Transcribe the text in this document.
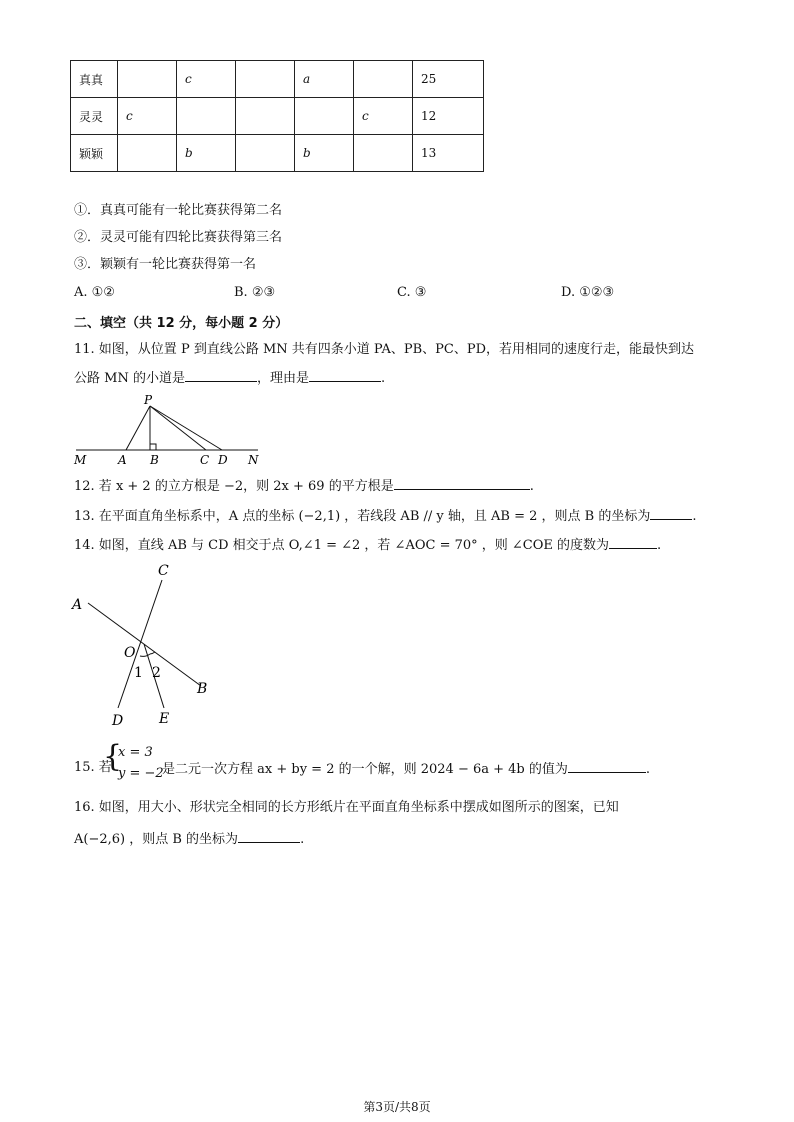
真真		c		a		25
灵灵	c				c	12
颖颖		b		b		13
①．真真可能有一轮比赛获得第二名
②．灵灵可能有四轮比赛获得第三名
③．颖颖有一轮比赛获得第一名
A. ①②	B. ②③	C. ③	D. ①②③
二、填空（共 12 分，每小题 2 分）
11. 如图，从位置 P 到直线公路 MN 共有四条小道 PA、PB、PC、PD，若用相同的速度行走，能最快到达
公路 MN 的小道是	，理由是	.
P
M	A B	C D N
12. 若 x + 2 的立方根是 −2，则 2x + 69 的平方根是	.
13. 在平面直角坐标系中，A 点的坐标 (−2,1) ，若线段 AB // y 轴，且 AB = 2 ，则点 B 的坐标为	.
14. 如图，直线 AB 与 CD 相交于点 O,∠1 = ∠2 ，若 ∠AOC = 70° ，则 ∠COE 的度数为	.
C
A
O
1 2
B
D	E
15. 若
{
x = 3
y = −2
是二元一次方程 ax + by = 2 的一个解，则 2024 − 6a + 4b 的值为	.
16. 如图，用大小、形状完全相同的长方形纸片在平面直角坐标系中摆成如图所示的图案，已知
A(−2,6) ，则点 B 的坐标为	.
第3页/共8页
